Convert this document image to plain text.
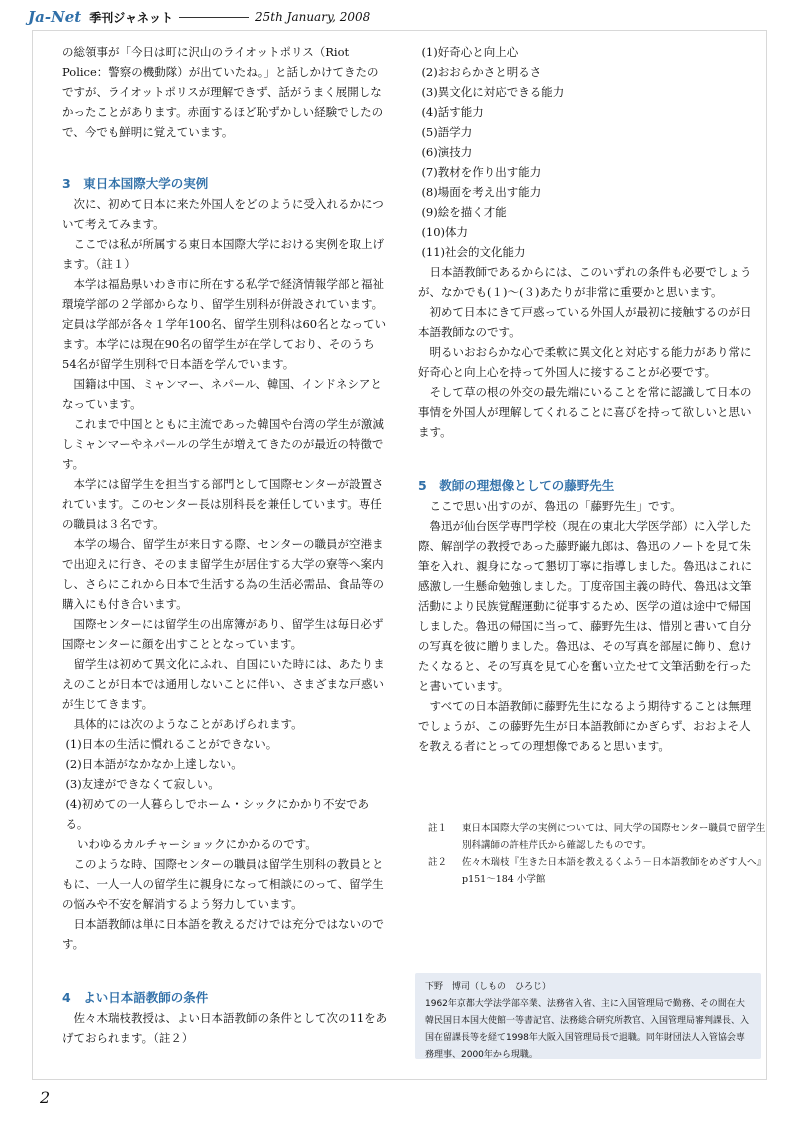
Ja-Net 季刊ジャネット	25th January, 2008

の総領事が「今日は町に沢山のライオットポリス（Riot Police：警察の機動隊）が出ていたね。」と話しかけてきたのですが、ライオットポリスが理解できず、話がうまく展開しなかったことがあります。赤面するほど恥ずかしい経験でしたので、今でも鮮明に覚えています。

3　東日本国際大学の実例

次に、初めて日本に来た外国人をどのように受入れるかについて考えてみます。

ここでは私が所属する東日本国際大学における実例を取上げます。（註１）

本学は福島県いわき市に所在する私学で経済情報学部と福祉環境学部の２学部からなり、留学生別科が併設されています。定員は学部が各々１学年100名、留学生別科は60名となっています。本学には現在90名の留学生が在学しており、そのうち54名が留学生別科で日本語を学んでいます。

国籍は中国、ミャンマー、ネパール、韓国、インドネシアとなっています。

これまで中国とともに主流であった韓国や台湾の学生が激減しミャンマーやネパールの学生が増えてきたのが最近の特徴です。

本学には留学生を担当する部門として国際センターが設置されています。このセンター長は別科長を兼任しています。専任の職員は３名です。

本学の場合、留学生が来日する際、センターの職員が空港まで出迎えに行き、そのまま留学生が居住する大学の寮等へ案内し、さらにこれから日本で生活する為の生活必需品、食品等の購入にも付き合います。

国際センターには留学生の出席簿があり、留学生は毎日必ず国際センターに顔を出すこととなっています。

留学生は初めて異文化にふれ、自国にいた時には、あたりまえのことが日本では通用しないことに伴い、さまざまな戸惑いが生じてきます。

具体的には次のようなことがあげられます。

(1)日本の生活に慣れることができない。

(2)日本語がなかなか上達しない。

(3)友達ができなくて寂しい。

(4)初めての一人暮らしでホーム・シックにかかり不安である。

いわゆるカルチャーショックにかかるのです。

このような時、国際センターの職員は留学生別科の教員とともに、一人一人の留学生に親身になって相談にのって、留学生の悩みや不安を解消するよう努力しています。

日本語教師は単に日本語を教えるだけでは充分ではないのです。

4　よい日本語教師の条件

佐々木瑞枝教授は、よい日本語教師の条件として次の11をあげておられます。（註２）

(1)好奇心と向上心

(2)おおらかさと明るさ

(3)異文化に対応できる能力

(4)話す能力

(5)語学力

(6)演技力

(7)教材を作り出す能力

(8)場面を考え出す能力

(9)絵を描く才能

(10)体力

(11)社会的文化能力

日本語教師であるからには、このいずれの条件も必要でしょうが、なかでも(１)～(３)あたりが非常に重要かと思います。

初めて日本にきて戸惑っている外国人が最初に接触するのが日本語教師なのです。

明るいおおらかな心で柔軟に異文化と対応する能力があり常に好奇心と向上心を持って外国人に接することが必要です。

そして草の根の外交の最先端にいることを常に認識して日本の事情を外国人が理解してくれることに喜びを持って欲しいと思います。

5　教師の理想像としての藤野先生

ここで思い出すのが、魯迅の「藤野先生」です。

魯迅が仙台医学専門学校（現在の東北大学医学部）に入学した際、解剖学の教授であった藤野巌九郎は、魯迅のノートを見て朱筆を入れ、親身になって懇切丁寧に指導しました。魯迅はこれに感激し一生懸命勉強しました。丁度帝国主義の時代、魯迅は文筆活動により民族覚醒運動に従事するため、医学の道は途中で帰国しました。魯迅の帰国に当って、藤野先生は、惜別と書いて自分の写真を彼に贈りました。魯迅は、その写真を部屋に飾り、怠けたくなると、その写真を見て心を奮い立たせて文筆活動を行ったと書いています。

すべての日本語教師に藤野先生になるよう期待することは無理でしょうが、この藤野先生が日本語教師にかぎらず、おおよそ人を教える者にとっての理想像であると思います。

註１	東日本国際大学の実例については、同大学の国際センター職員で留学生別科講師の許桂芹氏から確認したものです。

註２	佐々木瑞枝『生きた日本語を教えるくふう－日本語教師をめざす人へ』p151～184 小学館

下野　博司（しもの　ひろじ）

1962年京都大学法学部卒業、法務省入省、主に入国管理局で勤務、その間在大韓民国日本国大使館一等書記官、法務総合研究所教官、入国管理局審判課長、入国在留課長等を経て1998年大阪入国管理局長で退職。同年財団法人入管協会専務理事、2000年から現職。

2
